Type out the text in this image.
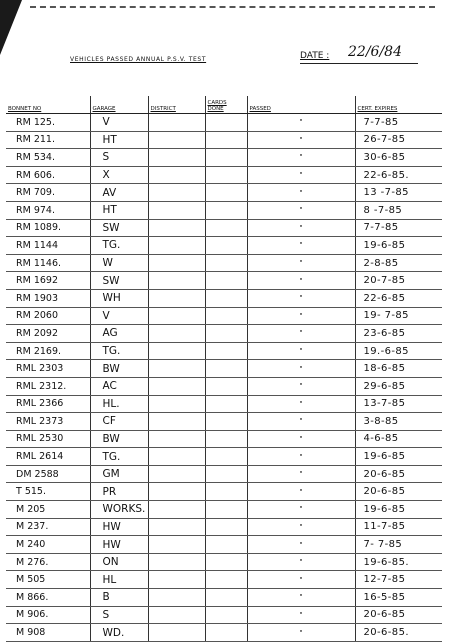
VEHICLES PASSED ANNUAL P.S.V. TEST	DATE : 22/6/84
BONNET NO	GARAGE	DISTRICT	CARDS DONE	PASSED	CERT. EXPIRES
RM 125.	V			"	7-7-85
RM 211.	HT			"	26-7-85
RM 534.	S			"	30-6-85
RM 606.	X			"	22-6-85.
RM 709.	AV			"	13 -7-85
RM 974.	HT			"	8 -7-85
RM 1089.	SW			"	7-7-85
RM 1144	TG.			"	19-6-85
RM 1146.	W			"	2-8-85
RM 1692	SW			"	20-7-85
RM 1903	WH			"	22-6-85
RM 2060	V			"	19- 7-85
RM 2092	AG			"	23-6-85
RM 2169.	TG.			"	19.-6-85
RML 2303	BW			"	18-6-85
RML 2312.	AC			"	29-6-85
RML 2366	HL.			"	13-7-85
RML 2373	CF			"	3-8-85
RML 2530	BW			"	4-6-85
RML 2614	TG.			"	19-6-85
DM 2588	GM			"	20-6-85
T 515.	PR			"	20-6-85
M 205	WORKS.			"	19-6-85
M 237.	HW			"	11-7-85
M 240	HW			"	7- 7-85
M 276.	ON			"	19-6-85.
M 505	HL			"	12-7-85
M 866.	B			"	16-5-85
M 906.	S			"	20-6-85
M 908	WD.			"	20-6-85.
